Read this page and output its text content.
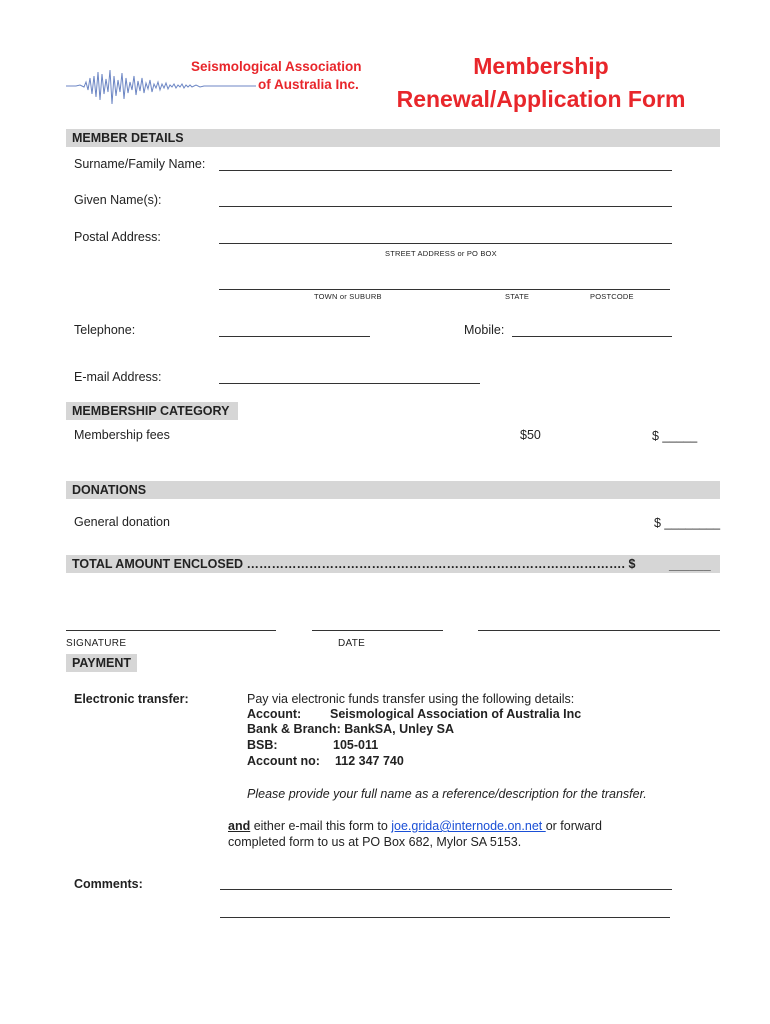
Seismological Association
of Australia Inc.
Membership
Renewal/Application Form
MEMBER DETAILS
Surname/Family Name:
Given Name(s):
Postal Address:
STREET ADDRESS or PO BOX
TOWN or SUBURB	STATE	POSTCODE
Telephone:	Mobile:
E-mail Address:
MEMBERSHIP CATEGORY
Membership fees	$50	$ _____
DONATIONS
General donation	$ ________
TOTAL AMOUNT ENCLOSED ………………………………………………………………………………. $	______
SIGNATURE	DATE
PAYMENT
Electronic transfer:	Pay via electronic funds transfer using the following details:
Account: Seismological Association of Australia Inc
Bank & Branch: BankSA, Unley SA
BSB:	105-011
Account no: 112 347 740
Please provide your full name as a reference/description for the transfer.
and either e-mail this form to joe.grida@internode.on.net or forward
completed form to us at PO Box 682, Mylor SA 5153.
Comments:
